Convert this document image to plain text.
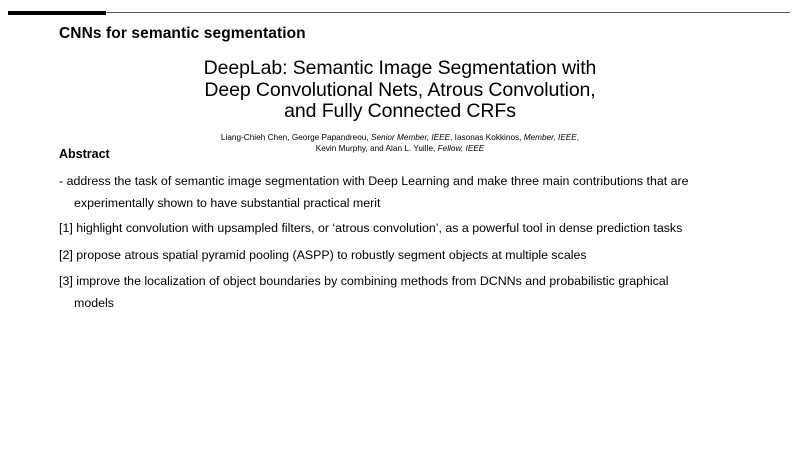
CNNs for semantic segmentation
DeepLab: Semantic Image Segmentation with
Deep Convolutional Nets, Atrous Convolution,
and Fully Connected CRFs
Liang-Chieh Chen, George Papandreou, Senior Member, IEEE, Iasonas Kokkinos, Member, IEEE,
Kevin Murphy, and Alan L. Yuille, Fellow, IEEE
Abstract
- address the task of semantic image segmentation with Deep Learning and make three main contributions that are
experimentally shown to have substantial practical merit
[1] highlight convolution with upsampled filters, or ‘atrous convolution’, as a powerful tool in dense prediction tasks
[2] propose atrous spatial pyramid pooling (ASPP) to robustly segment objects at multiple scales
[3] improve the localization of object boundaries by combining methods from DCNNs and probabilistic graphical
models
